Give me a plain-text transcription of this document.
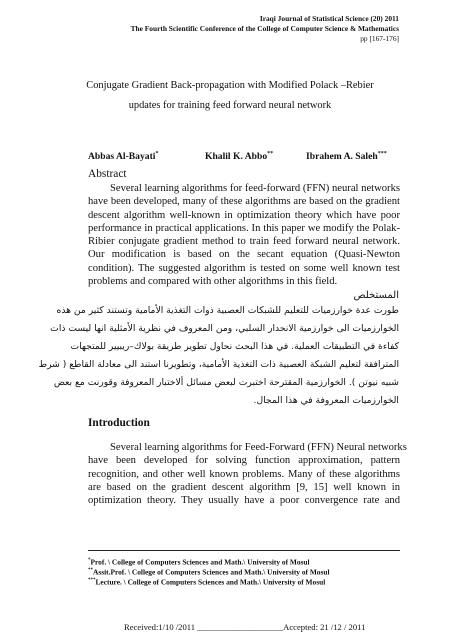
Iraqi Journal of Statistical Science (20) 2011
The Fourth Scientific Conference of the College of Computer Science & Mathematics
pp [167-176]
Conjugate Gradient Back-propagation with Modified Polack –Rebier
updates for training feed forward neural network
Abbas Al-Bayati*	Khalil K. Abbo**	Ibrahem A. Saleh***
Abstract
Several learning algorithms for feed-forward (FFN) neural networks
have been developed, many of these algorithms are based on the gradient
descent algorithm well-known in optimization theory which have poor
performance in practical applications. In this paper we modify the Polak-
Ribier conjugate gradient method to train feed forward neural network.
Our modification is based on the secant equation (Quasi-Newton
condition). The suggested algorithm is tested on some well known test
problems and compared with other algorithms in this field.
المستخلص
طورت عدة خوارزميات للتعليم للشبكات العصبية ذوات التغذية الأمامية وتستند كثير من هذه
الخوارزميات الى خوارزمية الانحدار السلبي، ومن المعروف في نظرية الأمثلية انها ليست ذات
كفاءة في التطبيقات العملية. في هذا البحث نحاول تطوير طريقة بولاك–ريبيير للمتجهات
المترافقة لتعليم الشبكة العصبية ذات التغذية الأمامية، وتطويرنا استند الى معادلة القاطع ( شرط
شبيه نيوتن ). الخوارزمية المقترحة اختبرت لبعض مسائل ألاختبار المعروفة وقورنت مع بعض
الخوارزميات المعروفة في هذا المجال.
Introduction
Several learning algorithms for Feed-Forward (FFN) Neural networks
have been developed for solving function approximation, pattern
recognition, and other well known problems. Many of these algorithms
are based on the gradient descent algorithm [9, 15] well known in
optimization theory. They usually have a poor convergence rate and
*Prof. \ College of Computers Sciences and Math.\ University of Mosul
**Assit.Prof. \ College of Computers Sciences and Math.\ University of Mosul
***Lecture. \ College of Computers Sciences and Math.\ University of Mosul
Received:1/10 /2011 ____________________Accepted: 21 /12 / 2011
